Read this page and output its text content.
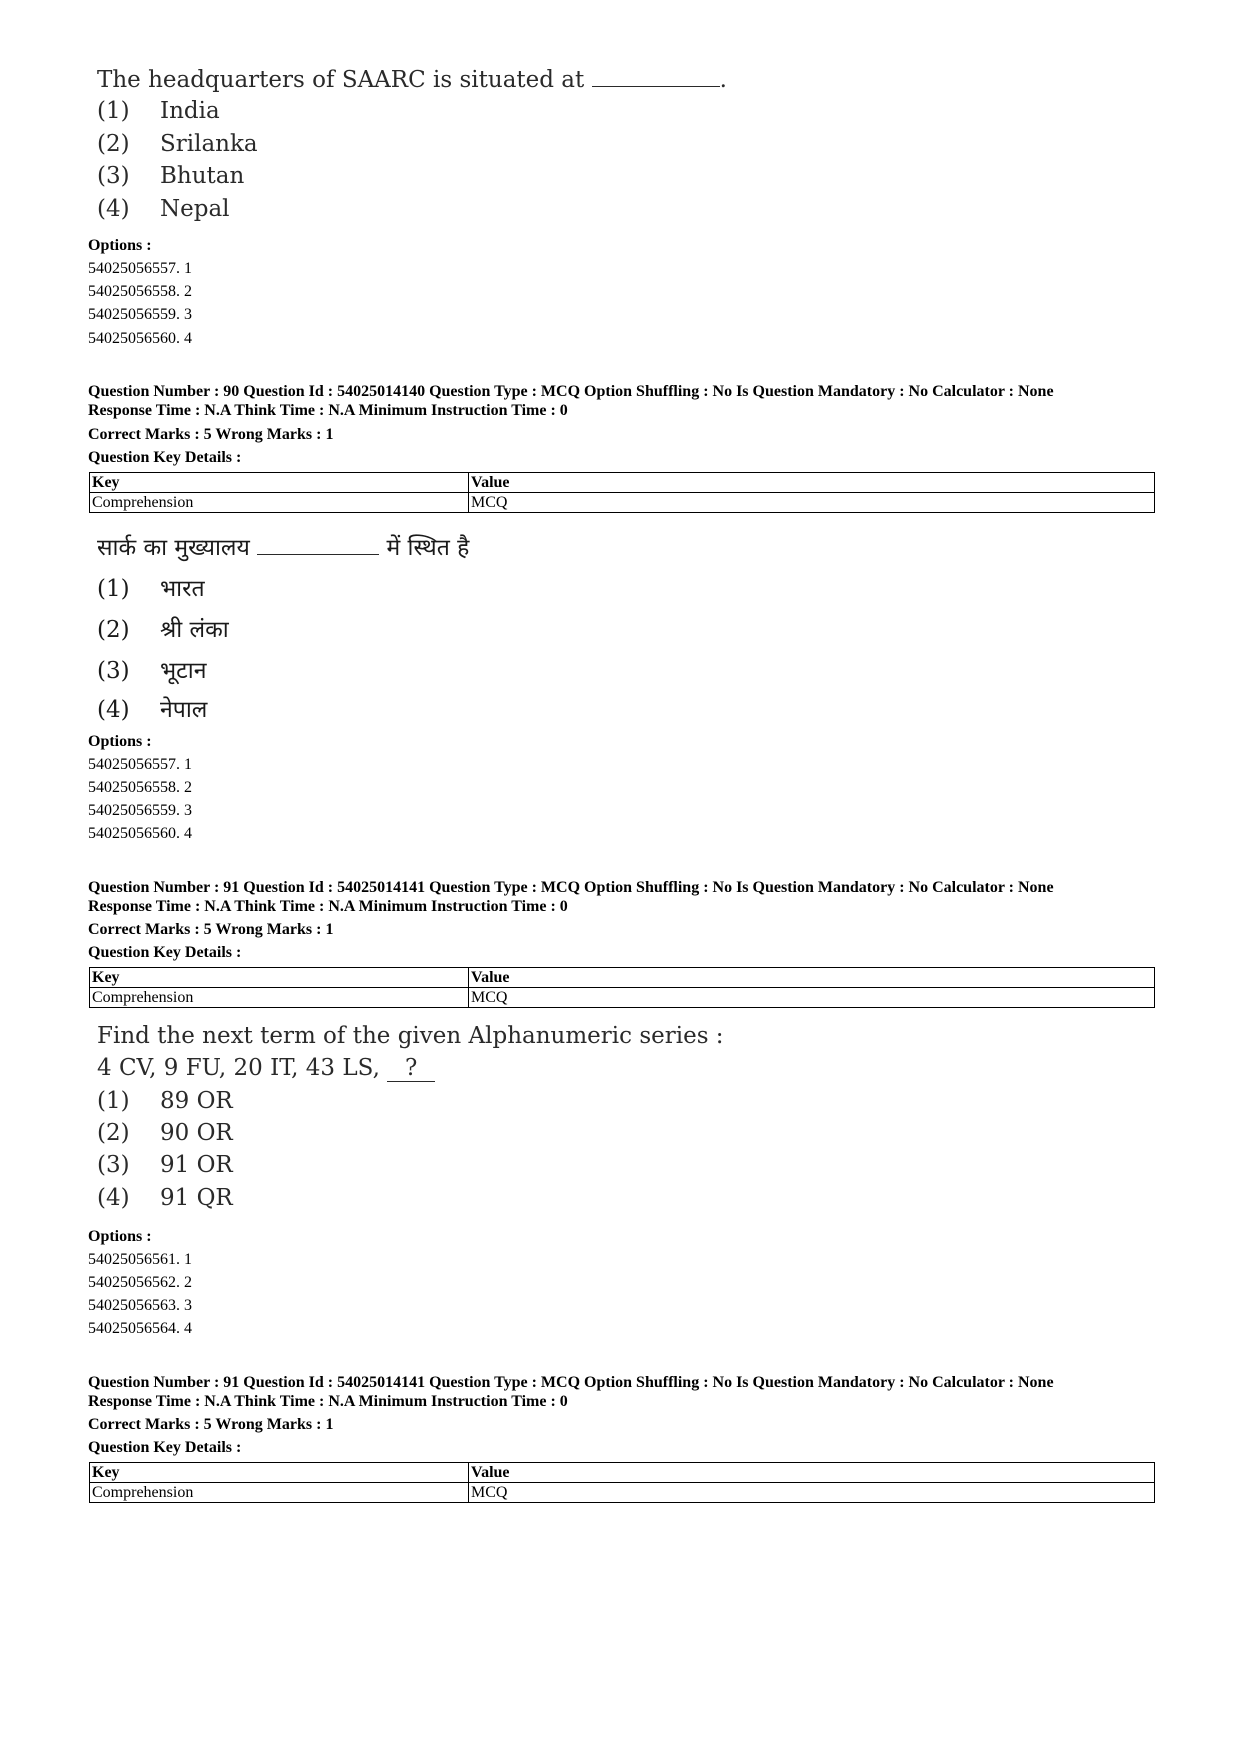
The headquarters of SAARC is situated at	.
(1) India
(2) Srilanka
(3) Bhutan
(4) Nepal
Options :
54025056557. 1
54025056558. 2
54025056559. 3
54025056560. 4
Question Number : 90 Question Id : 54025014140 Question Type : MCQ Option Shuffling : No Is Question Mandatory : No Calculator : None
Response Time : N.A Think Time : N.A Minimum Instruction Time : 0
Correct Marks : 5 Wrong Marks : 1
Question Key Details :
Key	Value
Comprehension	MCQ
सार्क का मुख्यालय	में स्थित है
(1) भारत
(2) श्री लंका
(3) भूटान
(4) नेपाल
Options :
54025056557. 1
54025056558. 2
54025056559. 3
54025056560. 4
Question Number : 91 Question Id : 54025014141 Question Type : MCQ Option Shuffling : No Is Question Mandatory : No Calculator : None
Response Time : N.A Think Time : N.A Minimum Instruction Time : 0
Correct Marks : 5 Wrong Marks : 1
Question Key Details :
Key	Value
Comprehension	MCQ
Find the next term of the given Alphanumeric series :
4 CV, 9 FU, 20 IT, 43 LS, ?
(1) 89 OR
(2) 90 OR
(3) 91 OR
(4) 91 QR
Options :
54025056561. 1
54025056562. 2
54025056563. 3
54025056564. 4
Question Number : 91 Question Id : 54025014141 Question Type : MCQ Option Shuffling : No Is Question Mandatory : No Calculator : None
Response Time : N.A Think Time : N.A Minimum Instruction Time : 0
Correct Marks : 5 Wrong Marks : 1
Question Key Details :
Key	Value
Comprehension	MCQ
